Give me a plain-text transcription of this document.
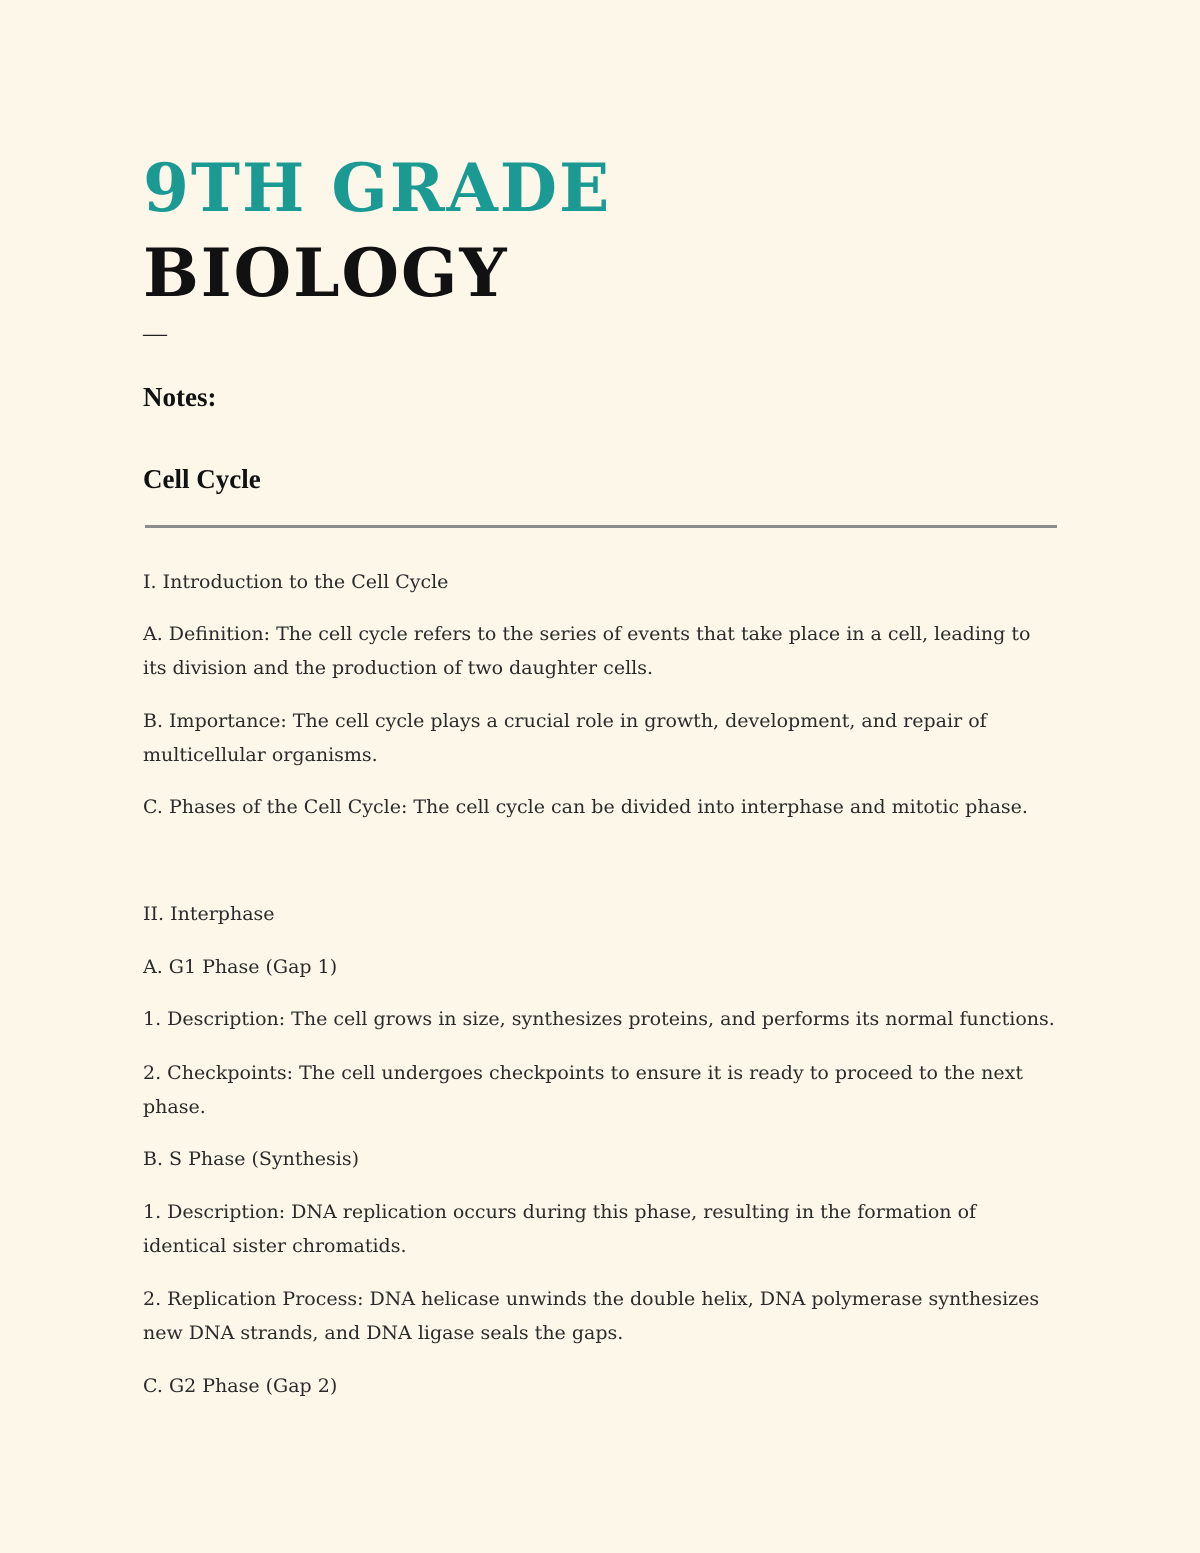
9TH GRADE
BIOLOGY
—
Notes:
Cell Cycle

I. Introduction to the Cell Cycle

A. Definition: The cell cycle refers to the series of events that take place in a cell, leading to its division and the production of two daughter cells.

B. Importance: The cell cycle plays a crucial role in growth, development, and repair of multicellular organisms.

C. Phases of the Cell Cycle: The cell cycle can be divided into interphase and mitotic phase.

II. Interphase

A. G1 Phase (Gap 1)

1. Description: The cell grows in size, synthesizes proteins, and performs its normal functions.

2. Checkpoints: The cell undergoes checkpoints to ensure it is ready to proceed to the next phase.

B. S Phase (Synthesis)

1. Description: DNA replication occurs during this phase, resulting in the formation of identical sister chromatids.

2. Replication Process: DNA helicase unwinds the double helix, DNA polymerase synthesizes new DNA strands, and DNA ligase seals the gaps.

C. G2 Phase (Gap 2)
